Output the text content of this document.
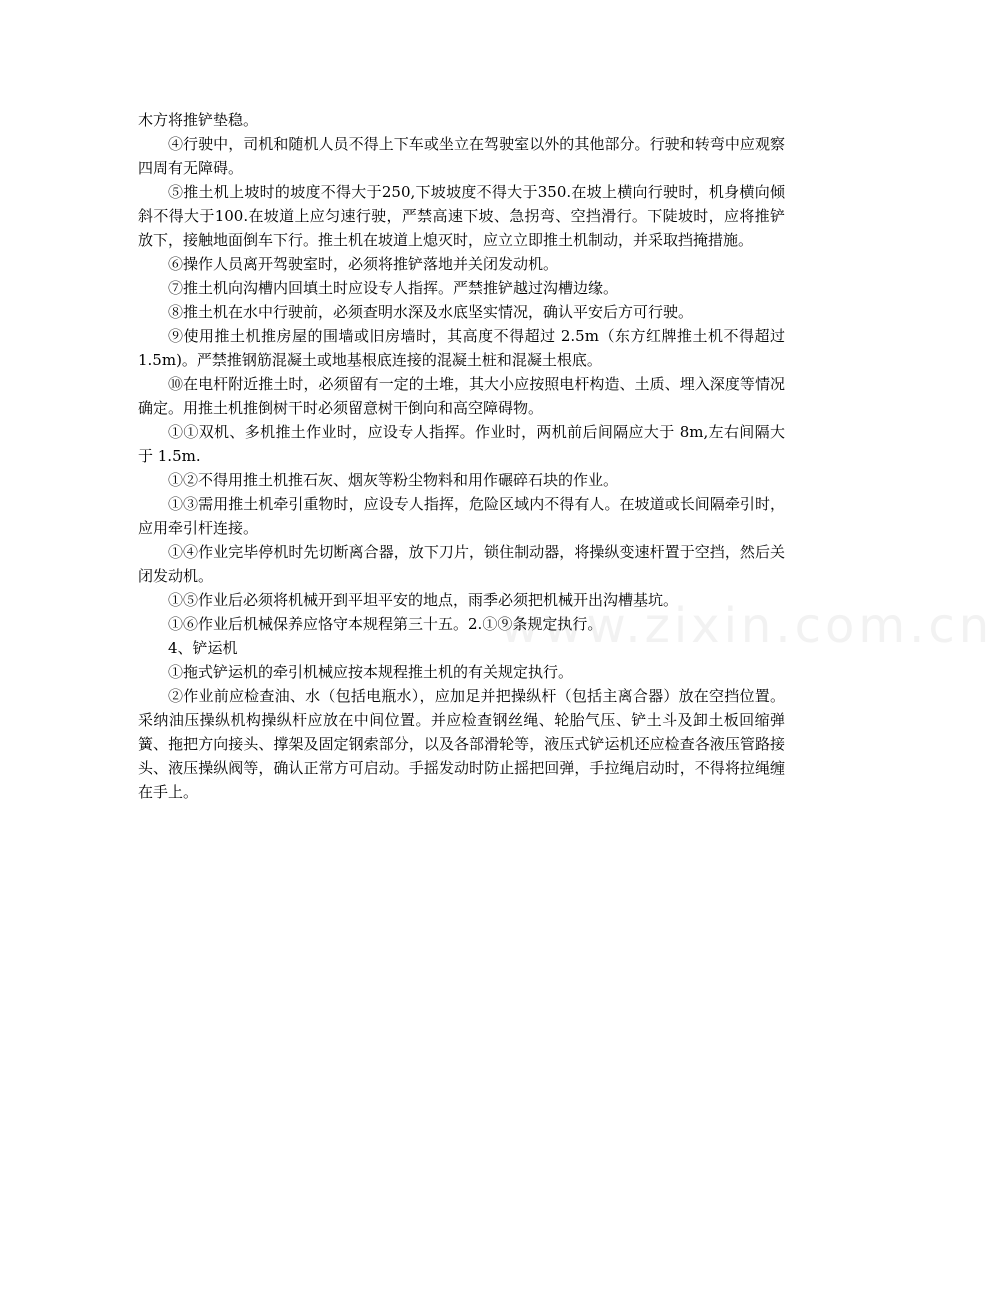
www.zixin.com.cn

木方将推铲垫稳。

④行驶中，司机和随机人员不得上下车或坐立在驾驶室以外的其他部分。行驶和转弯中应观察四周有无障碍。

⑤推土机上坡时的坡度不得大于250,下坡坡度不得大于350.在坡上横向行驶时，机身横向倾斜不得大于100.在坡道上应匀速行驶，严禁高速下坡、急拐弯、空挡滑行。下陡坡时，应将推铲放下，接触地面倒车下行。推土机在坡道上熄灭时，应立立即推土机制动，并采取挡掩措施。

⑥操作人员离开驾驶室时，必须将推铲落地并关闭发动机。

⑦推土机向沟槽内回填土时应设专人指挥。严禁推铲越过沟槽边缘。

⑧推土机在水中行驶前，必须查明水深及水底坚实情况，确认平安后方可行驶。

⑨使用推土机推房屋的围墙或旧房墙时，其高度不得超过 2.5m（东方红牌推土机不得超过 1.5m)。严禁推钢筋混凝土或地基根底连接的混凝土桩和混凝土根底。

⑩在电杆附近推土时，必须留有一定的土堆，其大小应按照电杆构造、土质、埋入深度等情况确定。用推土机推倒树干时必须留意树干倒向和高空障碍物。

①①双机、多机推土作业时，应设专人指挥。作业时，两机前后间隔应大于 8m,左右间隔大于 1.5m.

①②不得用推土机推石灰、烟灰等粉尘物料和用作碾碎石块的作业。

①③需用推土机牵引重物时，应设专人指挥，危险区域内不得有人。在坡道或长间隔牵引时，应用牵引杆连接。

①④作业完毕停机时先切断离合器，放下刀片，锁住制动器，将操纵变速杆置于空挡，然后关闭发动机。

①⑤作业后必须将机械开到平坦平安的地点，雨季必须把机械开出沟槽基坑。

①⑥作业后机械保养应恪守本规程第三十五。2.①⑨条规定执行。

4、铲运机

①拖式铲运机的牵引机械应按本规程推土机的有关规定执行。

②作业前应检查油、水（包括电瓶水），应加足并把操纵杆（包括主离合器）放在空挡位置。采纳油压操纵机构操纵杆应放在中间位置。并应检查钢丝绳、轮胎气压、铲土斗及卸土板回缩弹簧、拖把方向接头、撑架及固定钢索部分，以及各部滑轮等，液压式铲运机还应检查各液压管路接头、液压操纵阀等，确认正常方可启动。手摇发动时防止摇把回弹，手拉绳启动时，不得将拉绳缠在手上。
